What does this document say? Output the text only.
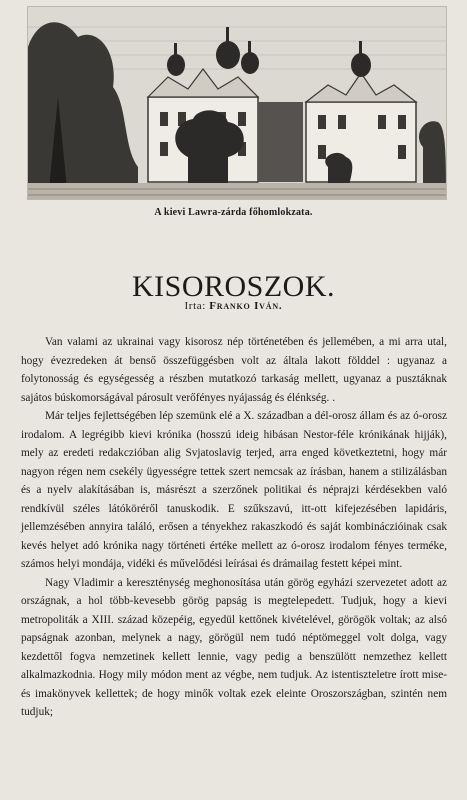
A kievi Lawra-zárda főhomlokzata.
KISOROSZOK.
Irta: Franko Iván.

Van valami az ukrainai vagy kisorosz nép történetében és jellemében, a mi arra utal, hogy évezredeken át benső összefüggésben volt az általa lakott földdel : ugyanaz a folytonosság és egységesség a részben mutatkozó tarkaság mellett, ugyanaz a pusztáknak sajátos búskomorságával párosult verőfényes nyájasság és élénkség. .

Már teljes fejlettségében lép szemünk elé a X. században a dél-orosz állam és az ó-orosz irodalom. A legrégibb kievi krónika (hosszú ideig hibásan Nestor-féle krónikának hijják), mely az eredeti redakczióban alig Svjatoslavig terjed, arra enged következtetni, hogy már nagyon régen nem csekély ügyességre tettek szert nemcsak az írásban, hanem a stilizálásban és a nyelv alakításában is, másrészt a szerzőnek politikai és néprajzi kérdésekben való rendkívül széles látóköréről tanuskodik. E szűkszavú, itt-ott kifejezésében lapidáris, jellemzésében annyira találó, erősen a tényekhez rakaszkodó és saját kombináczióinak csak kevés helyet adó krónika nagy történeti értéke mellett az ó-orosz irodalom fényes terméke, számos helyi mondája, vidéki és művelődési leírásai és drámailag festett képei mint.

Nagy Vladimir a kereszténység meghonosítása után görög egyházi szervezetet adott az országnak, a hol több-kevesebb görög papság is megtelepedett. Tudjuk, hogy a kievi metropoliták a XIII. század közepéig, egyedül kettőnek kivételével, görögök voltak; az alsó papságnak azonban, melynek a nagy, görögül nem tudó néptömeggel volt dolga, vagy kezdettől fogva nemzetinek kellett lennie, vagy pedig a benszülött nemzethez kellett alkalmazkodnia. Hogy mily módon ment az végbe, nem tudjuk. Az istentiszteletre írott mise- és imakönyvek kellettek; de hogy minők voltak ezek eleinte Oroszországban, szintén nem tudjuk;
